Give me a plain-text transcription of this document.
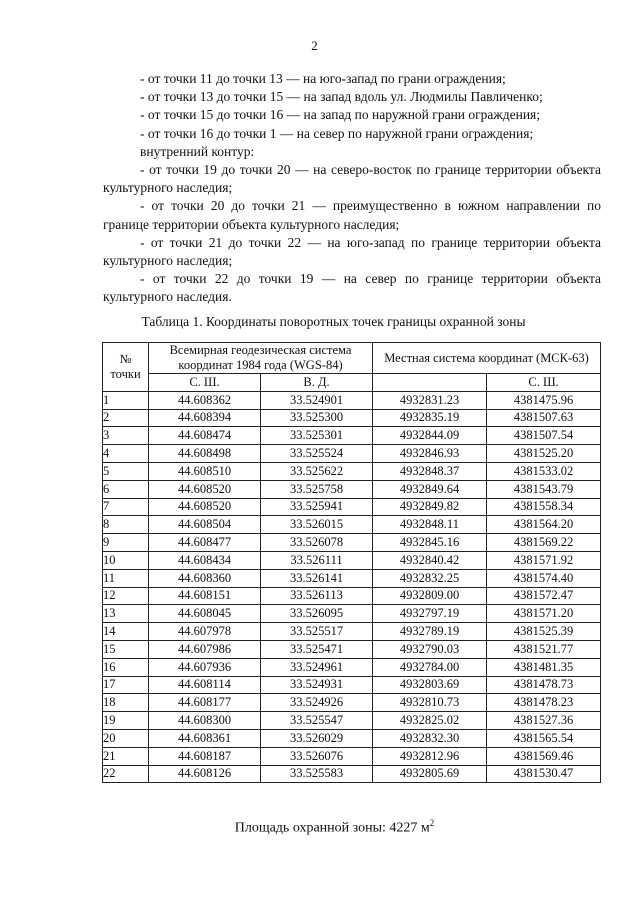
2
- от точки 11 до точки 13 — на юго-запад по грани ограждения;
- от точки 13 до точки 15 — на запад вдоль ул. Людмилы Павличенко;
- от точки 15 до точки 16 — на запад по наружной грани ограждения;
- от точки 16 до точки 1 — на север по наружной грани ограждения;
внутренний контур:
- от точки 19 до точки 20 — на северо-восток по границе территории объекта культурного наследия;
- от точки 20 до точки 21 — преимущественно в южном направлении по границе территории объекта культурного наследия;
- от точки 21 до точки 22 — на юго-запад по границе территории объекта культурного наследия;
- от точки 22 до точки 19 — на север по границе территории объекта культурного наследия.
Таблица 1. Координаты поворотных точек границы охранной зоны
№ точки	Всемирная геодезическая система координат 1984 года (WGS-84)		Местная система координат (МСК-63)	
	С. Ш.	В. Д.		С. Ш.
1	44.608362	33.524901	4932831.23	4381475.96
2	44.608394	33.525300	4932835.19	4381507.63
3	44.608474	33.525301	4932844.09	4381507.54
4	44.608498	33.525524	4932846.93	4381525.20
5	44.608510	33.525622	4932848.37	4381533.02
6	44.608520	33.525758	4932849.64	4381543.79
7	44.608520	33.525941	4932849.82	4381558.34
8	44.608504	33.526015	4932848.11	4381564.20
9	44.608477	33.526078	4932845.16	4381569.22
10	44.608434	33.526111	4932840.42	4381571.92
11	44.608360	33.526141	4932832.25	4381574.40
12	44.608151	33.526113	4932809.00	4381572.47
13	44.608045	33.526095	4932797.19	4381571.20
14	44.607978	33.525517	4932789.19	4381525.39
15	44.607986	33.525471	4932790.03	4381521.77
16	44.607936	33.524961	4932784.00	4381481.35
17	44.608114	33.524931	4932803.69	4381478.73
18	44.608177	33.524926	4932810.73	4381478.23
19	44.608300	33.525547	4932825.02	4381527.36
20	44.608361	33.526029	4932832.30	4381565.54
21	44.608187	33.526076	4932812.96	4381569.46
22	44.608126	33.525583	4932805.69	4381530.47
Площадь охранной зоны: 4227 $м^2$
